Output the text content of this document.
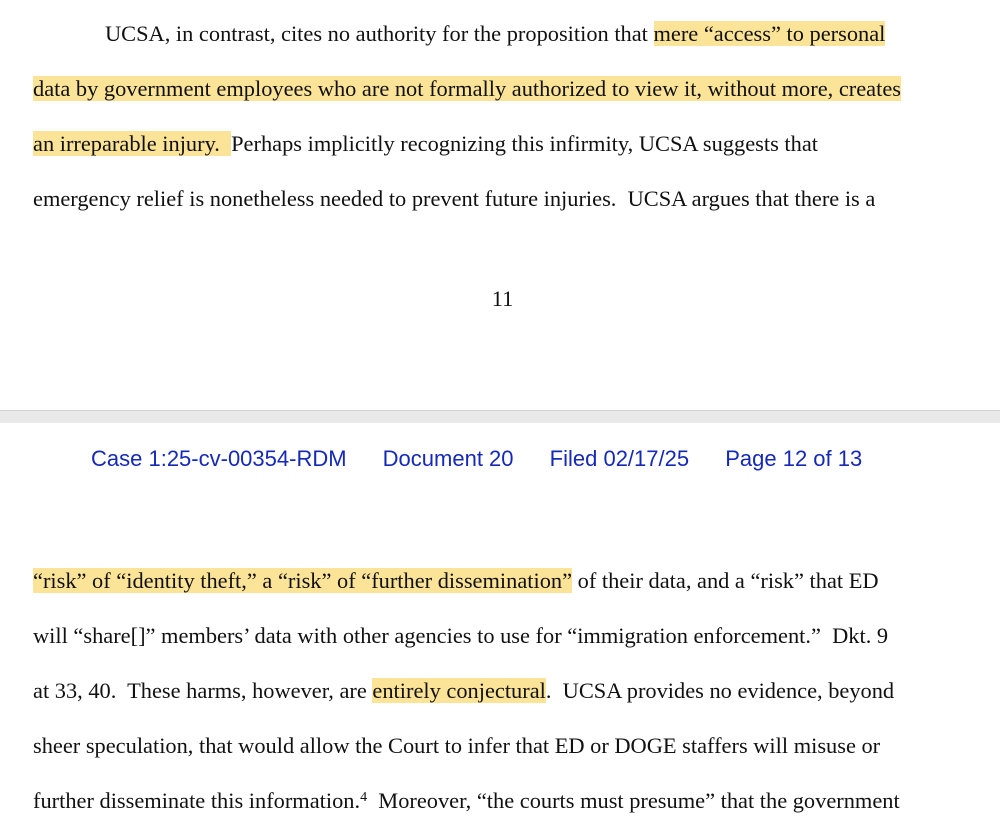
UCSA, in contrast, cites no authority for the proposition that mere “access” to personal
data by government employees who are not formally authorized to view it, without more, creates
an irreparable injury.  Perhaps implicitly recognizing this infirmity, UCSA suggests that
emergency relief is nonetheless needed to prevent future injuries.  UCSA argues that there is a
11
Case 1:25-cv-00354-RDM Document 20 Filed 02/17/25 Page 12 of 13
“risk” of “identity theft,” a “risk” of “further dissemination” of their data, and a “risk” that ED
will “share[]” members’ data with other agencies to use for “immigration enforcement.”  Dkt. 9
at 33, 40.  These harms, however, are entirely conjectural.  UCSA provides no evidence, beyond
sheer speculation, that would allow the Court to infer that ED or DOGE staffers will misuse or
further disseminate this information.$^4$  Moreover, “the courts must presume” that the government
